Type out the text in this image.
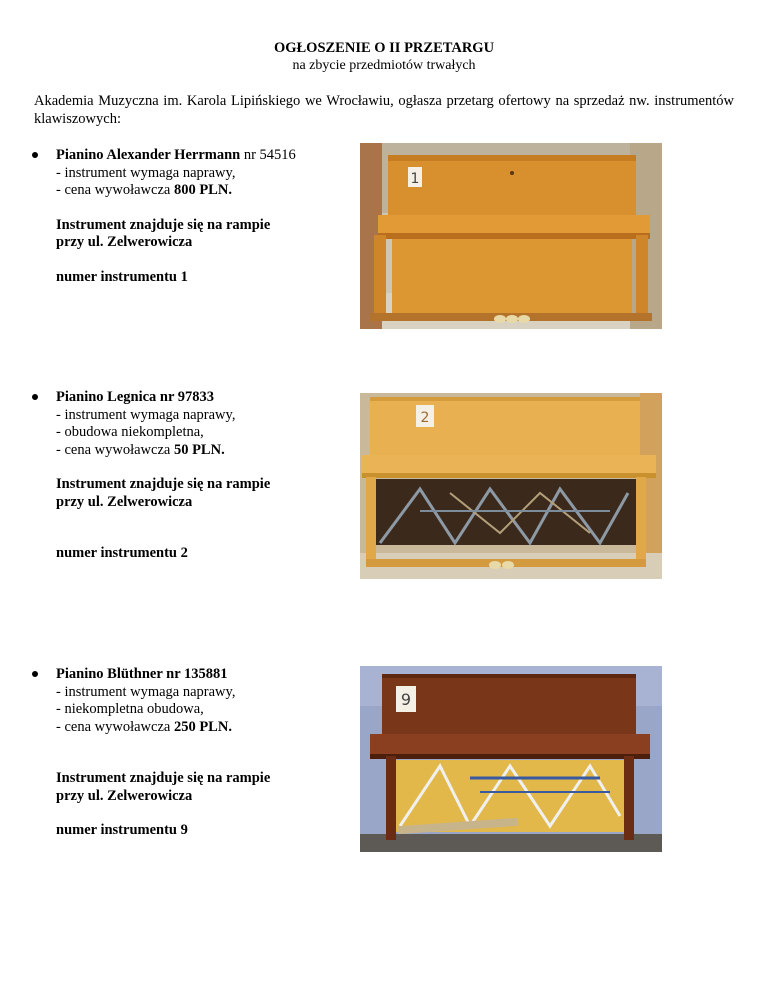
OGŁOSZENIE O II PRZETARGU
na zbycie przedmiotów trwałych
Akademia Muzyczna im. Karola Lipińskiego we Wrocławiu, ogłasza przetarg ofertowy na sprzedaż nw. instrumentów klawiszowych:
Pianino Alexander Herrmann nr 54516
- instrument wymaga naprawy,
- cena wywoławcza 800 PLN.
Instrument znajduje się na rampie
przy ul. Zelwerowicza
numer instrumentu 1
Pianino Legnica nr 97833
- instrument wymaga naprawy,
- obudowa niekompletna,
- cena wywoławcza 50 PLN.
Instrument znajduje się na rampie
przy ul. Zelwerowicza
numer instrumentu 2
Pianino Blüthner nr 135881
- instrument wymaga naprawy,
- niekompletna obudowa,
- cena wywoławcza 250 PLN.
Instrument znajduje się na rampie
przy ul. Zelwerowicza
numer instrumentu 9
1
2
9
